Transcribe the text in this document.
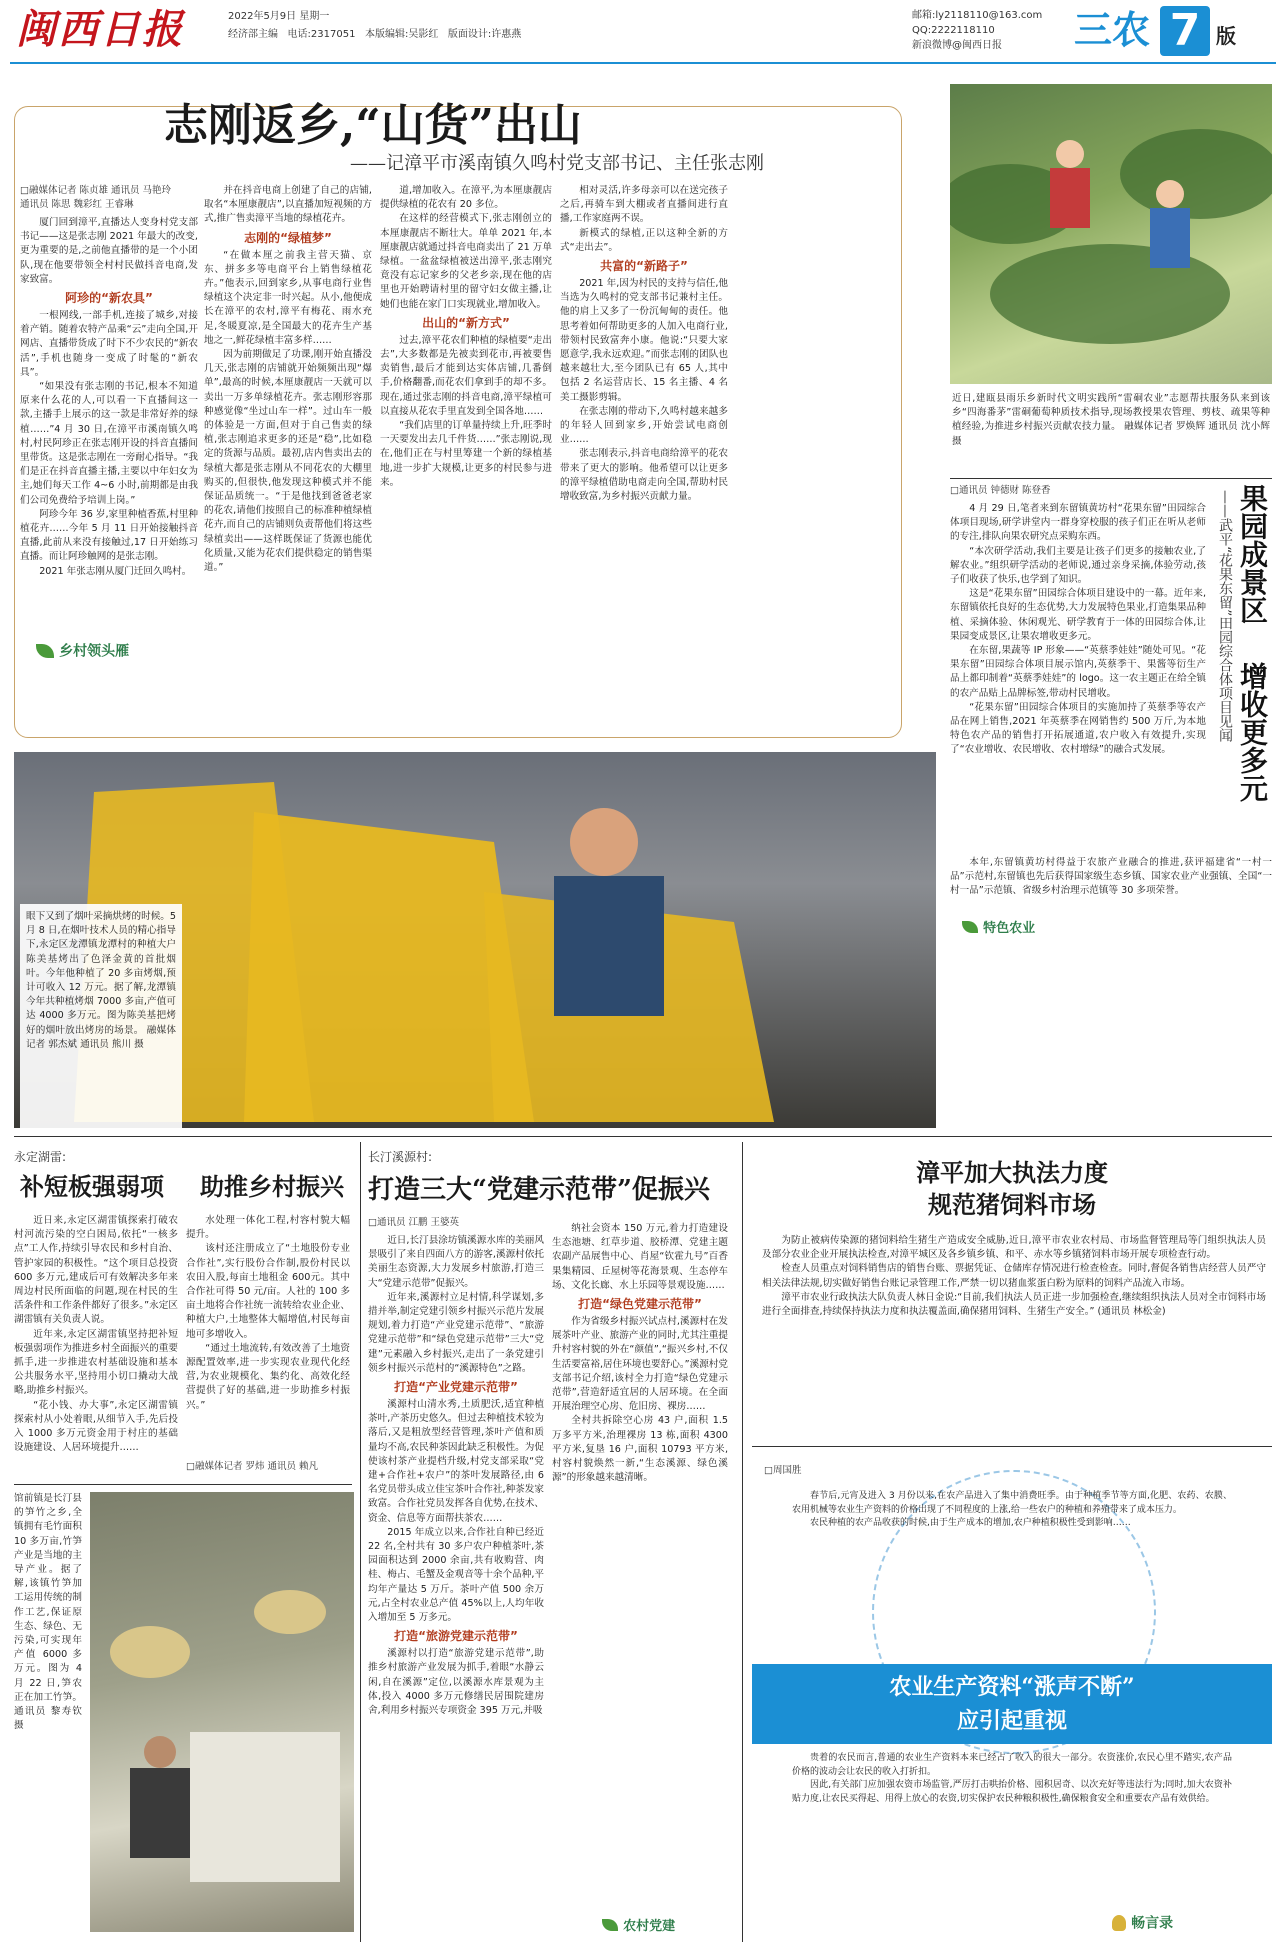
闽西日报	2022年5月9日 星期一
经济部主编 电话:2317051 本版编辑:吴影红 版面设计:许惠燕
邮箱:ly2118110@163.com
QQ:2222118110
新浪微博@闽西日报	三农 7 版
志刚返乡,“山货”出山
——记漳平市溪南镇久鸣村党支部书记、主任张志刚
□融媒体记者 陈贞雄 通讯员 马艳玲
通讯员 陈思 魏彩红 王睿琳

厦门回到漳平,直播达人变身村党支部书记——这是张志刚 2021 年最大的改变,更为重要的是,之前他直播带的是一个小团队,现在他要带领全村村民做抖音电商,发家致富。

阿珍的“新农具”

一根网线,一部手机,连接了城乡,对接着产销。随着农特产品乘“云”走向全国,开网店、直播带货成了时下不少农民的“新农活”,手机也随身一变成了时髦的“新农具”。

“如果没有张志刚的书记,根本不知道原来什么花的人,可以看一下直播间这一款,主播手上展示的这一款是非常好养的绿植……”4 月 30 日,在漳平市溪南镇久鸣村,村民阿珍正在张志刚开设的抖音直播间里带货。这是张志刚在一旁耐心指导。“我们是正在抖音直播主播,主要以中年妇女为主,她们每天工作 4~6 小时,前期都是由我们公司免费给予培训上岗。”

阿珍今年 36 岁,家里种植香蕉,村里种植花卉……今年 5 月 11 日开始接触抖音直播,此前从来没有接触过,17 日开始练习直播。而让阿珍触网的是张志刚。

2021 年张志刚从厦门迁回久鸣村。

乡村领头雁

并在抖音电商上创建了自己的店铺,取名“本厘康靓店”,以直播加短视频的方式,推广售卖漳平当地的绿植花卉。

志刚的“绿植梦”

“在做本厘之前我主营天猫、京东、拼多多等电商平台上销售绿植花卉。”他表示,回到家乡,从事电商行业售绿植这个决定非一时兴起。从小,他便成长在漳平的农村,漳平有梅花、雨水充足,冬暖夏凉,是全国最大的花卉生产基地之一,鲜花绿植丰富多样……

因为前期做足了功课,刚开始直播没几天,张志刚的店铺就开始频频出现“爆单”,最高的时候,本厘康靓店一天就可以卖出一万多单绿植花卉。张志刚形容那种感觉像“坐过山车一样”。过山车一般的体验是一方面,但对于自己售卖的绿植,张志刚追求更多的还是“稳”,比如稳定的货源与品质。最初,店内售卖出去的绿植大都是张志刚从不同花农的大棚里购买的,但很快,他发现这种模式并不能保证品质统一。“于是他找到爸爸老家的花农,请他们按照自己的标准种植绿植花卉,而自己的店铺则负责帮他们将这些绿植卖出——这样既保证了货源也能优化质量,又能为花农们提供稳定的销售渠道。”

道,增加收入。在漳平,为本厘康靓店提供绿植的花农有 20 多位。

在这样的经营模式下,张志刚创立的本厘康靓店不断壮大。单单 2021 年,本厘康靓店就通过抖音电商卖出了 21 万单绿植。一盆盆绿植被送出漳平,张志刚究竟没有忘记家乡的父老乡亲,现在他的店里也开始聘请村里的留守妇女做主播,让她们也能在家门口实现就业,增加收入。

出山的“新方式”

过去,漳平花农们种植的绿植要“走出去”,大多数都是先被卖到花市,再被要售卖销售,最后才能到达实体店铺,几番倒手,价格翻番,而花农们拿到手的却不多。现在,通过张志刚的抖音电商,漳平绿植可以直接从花农手里直发到全国各地……

“我们店里的订单量持续上升,旺季时一天要发出去几千件货……”张志刚说,现在,他们正在与村里筹建一个新的绿植基地,进一步扩大规模,让更多的村民参与进来。

相对灵活,许多母亲可以在送完孩子之后,再骑车到大棚或者直播间进行直播,工作家庭两不误。

新模式的绿植,正以这种全新的方式“走出去”。

共富的“新路子”

2021 年,因为村民的支持与信任,他当选为久鸣村的党支部书记兼村主任。他的肩上又多了一份沉甸甸的责任。他思考着如何帮助更多的人加入电商行业,带领村民致富奔小康。他说:“只要大家愿意学,我永远欢迎。”而张志刚的团队也越来越壮大,至今团队已有 65 人,其中包括 2 名运营店长、15 名主播、4 名美工摄影剪辑。

在张志刚的带动下,久鸣村越来越多的年轻人回到家乡,开始尝试电商创业……

张志刚表示,抖音电商给漳平的花农带来了更大的影响。他希望可以让更多的漳平绿植借助电商走向全国,帮助村民增收致富,为乡村振兴贡献力量。

近日,建瓯县雨乐乡新时代文明实践所“雷硐农业”志愿帮扶服务队来到该乡“四海番茅”雷硐葡萄种质技术指导,现场教授果农管理、剪枝、疏果等种植经验,为推进乡村振兴贡献农技力量。 融媒体记者 罗焕辉 通讯员 沈小辉 摄
□通讯员 钟德财 陈登香	果园成景区
增收更多元
——武平“花果东留”田园综合体项目见闻

4 月 29 日,笔者来到东留镇黄坊村“花果东留”田园综合体项目现场,研学讲堂内一群身穿校服的孩子们正在听从老师的专注,排队向果农研究点采购东西。

“本次研学活动,我们主要是让孩子们更多的接触农业,了解农业。”组织研学活动的老师说,通过亲身采摘,体验劳动,孩子们收获了快乐,也学到了知识。

这是“花果东留”田园综合体项目建设中的一幕。近年来,东留镇依托良好的生态优势,大力发展特色果业,打造集果品种植、采摘体验、休闲观光、研学教育于一体的田园综合体,让果园变成景区,让果农增收更多元。

在东留,果蔬等 IP 形象——“英蔡季娃娃”随处可见。“花果东留”田园综合体项目展示馆内,英蔡季干、果酱等衍生产品上都印制着“英蔡季娃娃”的 logo。这一农主题正在给全镇的农产品贴上品牌标签,带动村民增收。

“花果东留”田园综合体项目的实施加持了英蔡季等农产品在网上销售,2021 年英蔡季在网销售约 500 万斤,为本地特色农产品的销售打开拓展通道,农户收入有效提升,实现了“农业增收、农民增收、农村增绿”的融合式发展。

本年,东留镇黄坊村得益于农旅产业融合的推进,获评福建省“一村一品”示范村,东留镇也先后获得国家级生态乡镇、国家农业产业强镇、全国“一村一品”示范镇、省级乡村治理示范镇等 30 多项荣誉。

特色农业
眼下又到了烟叶采摘烘烤的时候。5 月 8 日,在烟叶技术人员的精心指导下,永定区龙潭镇龙潭村的种植大户陈美基烤出了色泽金黄的首批烟叶。今年他种植了 20 多亩烤烟,预计可收入 12 万元。据了解,龙潭镇今年共种植烤烟 7000 多亩,产值可达 4000 多万元。图为陈美基把烤好的烟叶放出烤房的场景。 融媒体记者 郭杰斌 通讯员 熊川 摄
永定湖雷:
补短板强弱项 助推乡村振兴

近日来,永定区湖雷镇探索打破农村河流污染的空白困局,依托“一核多点”工人作,持续引导农民和乡村自治、管护家园的积极性。“这个项目总投资 600 多万元,建成后可有效解决多年来周边村民所面临的问题,现在村民的生活条件和工作条件都好了很多。”永定区湖雷镇有关负责人说。

近年来,永定区湖雷镇坚持把补短板强弱项作为推进乡村全面振兴的重要抓手,进一步推进农村基础设施和基本公共服务水平,坚持用小切口撬动大战略,助推乡村振兴。

“花小钱、办大事”,永定区湖雷镇探索村从小处着眼,从细节入手,先后投入 1000 多万元资金用于村庄的基础设施建设、人居环境提升……

水处理一体化工程,村容村貌大幅提升。

该村还注册成立了“土地股份专业合作社”,实行股份合作制,股份村民以农田入股,每亩土地租金 600元。其中合作社可得 50 元/亩。人社的 100 多亩土地将合作社统一流转给农业企业、种植大户,土地整体大幅增值,村民每亩地可多增收入。

“通过土地流转,有效改善了土地资源配置效率,进一步实现农业现代化经营,为农业规模化、集约化、高效化经营提供了好的基础,进一步助推乡村振兴。”

□融媒体记者 罗炜 通讯员 赖凡
馆前镇是长汀县的笋竹之乡,全镇拥有毛竹面积 10 多万亩,竹笋产业是当地的主导产业。据了解,该镇竹笋加工运用传统的制作工艺,保证原生态、绿色、无污染,可实现年产值 6000 多万元。图为 4 月 22 日,笋农正在加工竹笋。 通讯员 黎寿钦 摄
长汀溪源村:
打造三大“党建示范带”促振兴
□通讯员 江鹏 王婆英

近日,长汀县涂坊镇溪源水库的美丽风景吸引了来自四面八方的游客,溪源村依托美丽生态资源,大力发展乡村旅游,打造三大“党建示范带”促振兴。

近年来,溪源村立足村情,科学谋划,多措并举,制定党建引领乡村振兴示范片发展规划,着力打造“产业党建示范带”、“旅游党建示范带”和“绿色党建示范带”三大“党建”元素融入乡村振兴,走出了一条党建引领乡村振兴示范村的“溪源特色”之路。

打造“产业党建示范带”

溪源村山清水秀,土质肥沃,适宜种植茶叶,产茶历史悠久。但过去种植技术较为落后,又是粗放型经营管理,茶叶产值和质量均不高,农民种茶因此缺乏积极性。为促使该村茶产业提档升级,村党支部采取“党建+合作社+农户”的茶叶发展路径,由 6 名党员带头成立佳宝茶叶合作社,种茶发家致富。合作社党员发挥各自优势,在技术、资金、信息等方面帮扶茶农……

2015 年成立以来,合作社自种已经近 22 名,全村共有 30 多户农户种植茶叶,茶园面积达到 2000 余亩,共有收购营、肉桂、梅占、毛蟹及金观音等十余个品种,平均年产量达 5 万斤。茶叶产值 500 余万元,占全村农业总产值 45%以上,人均年收入增加至 5 万多元。

打造“旅游党建示范带”

溪源村以打造“旅游党建示范带”,助推乡村旅游产业发展为抓手,着眼“水静云闲,自在溪源”定位,以溪源水库景观为主体,投入 4000 多万元修缮民居围院建房舍,利用乡村振兴专项资金 395 万元,并吸

纳社会资本 150 万元,着力打造建设生态池塘、红草步道、胶桥潭、党建主题农副产品展售中心、肖屋“钦霍九号”百香果集精园、丘屋树等花海景观、生态停车场、文化长廊、水上乐园等景观设施……

打造“绿色党建示范带”

作为省级乡村振兴试点村,溪源村在发展茶叶产业、旅游产业的同时,尤其注重提升村容村貌的外在“颜值”,“振兴乡村,不仅生活要富裕,居住环境也要舒心。”溪源村党支部书记介绍,该村全力打造“绿色党建示范带”,营造舒适宜居的人居环境。在全面开展治理空心房、危旧房、裸房……

全村共拆除空心房 43 户,面积 1.5 万多平方米,治理裸房 13 栋,面积 4300 平方米,复垦 16 户,面积 10793 平方米,村容村貌焕然一新,“生态溪源、绿色溪源”的形象越来越清晰。

农村党建
漳平加大执法力度
规范猪饲料市场

为防止被病传染源的猪饲料给生猪生产造成安全威胁,近日,漳平市农业农村局、市场监督管理局等门组织执法人员及部分农业企业开展执法检查,对漳平城区及各乡镇乡镇、和平、赤水等乡镇猪饲料市场开展专项检查行动。

检查人员重点对饲料销售店的销售台账、票据凭证、仓储库存情况进行检查检查。同时,督促各销售店经营人员严守相关法律法规,切实做好销售台账记录管理工作,严禁一切以猪血浆蛋白粉为原料的饲料产品流入市场。

漳平市农业行政执法大队负责人林日金说:“目前,我们执法人员正进一步加强检查,继续组织执法人员对全市饲料市场进行全面排查,持续保持执法力度和执法覆盖面,确保猪用饲料、生猪生产安全。” (通讯员 林松金)

□周国胜

春节后,元宵及进入 3 月份以来,在农产品进入了集中消费旺季。由于种植季节等方面,化肥、农药、农膜、农用机械等农业生产资料的价格出现了不同程度的上涨,给一些农户的种植和养殖带来了成本压力。

农民种植的农产品收获的时候,由于生产成本的增加,农户种植积极性受到影响……

农业生产资料“涨声不断”
应引起重视

贵着的农民而言,普通的农业生产资料本来已经占了收入的很大一部分。农资涨价,农民心里不踏实,农产品价格的波动会让农民的收入打折扣。

因此,有关部门应加强农资市场监管,严厉打击哄抬价格、囤积居奇、以次充好等违法行为;同时,加大农资补贴力度,让农民买得起、用得上放心的农资,切实保护农民种粮积极性,确保粮食安全和重要农产品有效供给。

畅言录
